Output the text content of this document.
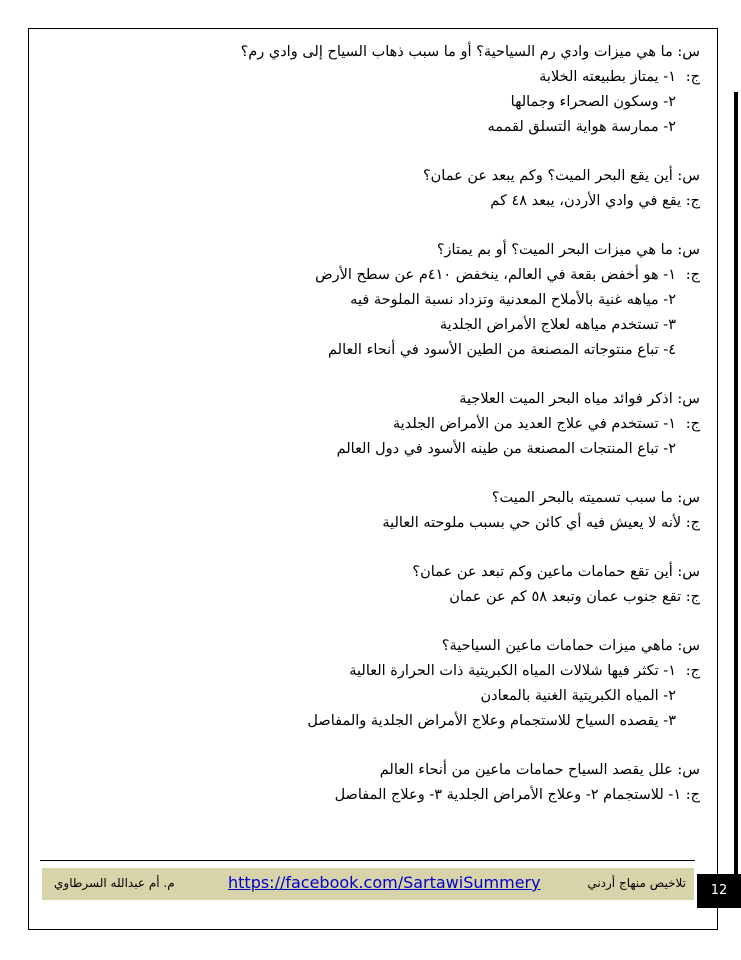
س: ما هي ميزات وادي رم السياحية؟ أو ما سبب ذهاب السياح إلى وادي رم؟
ج:١- يمتاز بطبيعته الخلابة
٢- وسكون الصحراء وجمالها
٢- ممارسة هواية التسلق لقممه
س: أين يقع البحر الميت؟ وكم يبعد عن عمان؟
ج: يقع في وادي الأردن، يبعد ٤٨ كم
س: ما هي ميزات البحر الميت؟ أو بم يمتاز؟
ج:١- هو أخفض بقعة في العالم، ينخفض ٤١٠م عن سطح الأرض
٢- مياهه غنية بالأملاح المعدنية وتزداد نسبة الملوحة فيه
٣- تستخدم مياهه لعلاج الأمراض الجلدية
٤- تباع منتوجاته المصنعة من الطين الأسود في أنحاء العالم
س: اذكر فوائد مياه البحر الميت العلاجية
ج:١- تستخدم في علاج العديد من الأمراض الجلدية
٢- تباع المنتجات المصنعة من طينه الأسود في دول العالم
س: ما سبب تسميته بالبحر الميت؟
ج: لأنه لا يعيش فيه أي كائن حي بسبب ملوحته العالية
س: أين تقع حمامات ماعين وكم تبعد عن عمان؟
ج: تقع جنوب عمان وتبعد ٥٨ كم عن عمان
س: ماهي ميزات حمامات ماعين السياحية؟
ج:١- تكثر فيها شلالات المياه الكبريتية ذات الحرارة العالية
٢- المياه الكبريتية الغنية بالمعادن
٣- يقصده السياح للاستجمام وعلاج الأمراض الجلدية والمفاصل
س: علل يقصد السياح حمامات ماعين من أنحاء العالم
ج: ١- للاستجمام ٢- وعلاج الأمراض الجلدية ٣- وعلاج المفاصل
تلاخيص منهاج أردني
https://facebook.com/SartawiSummery
م. أم عبدالله السرطاوي	12
